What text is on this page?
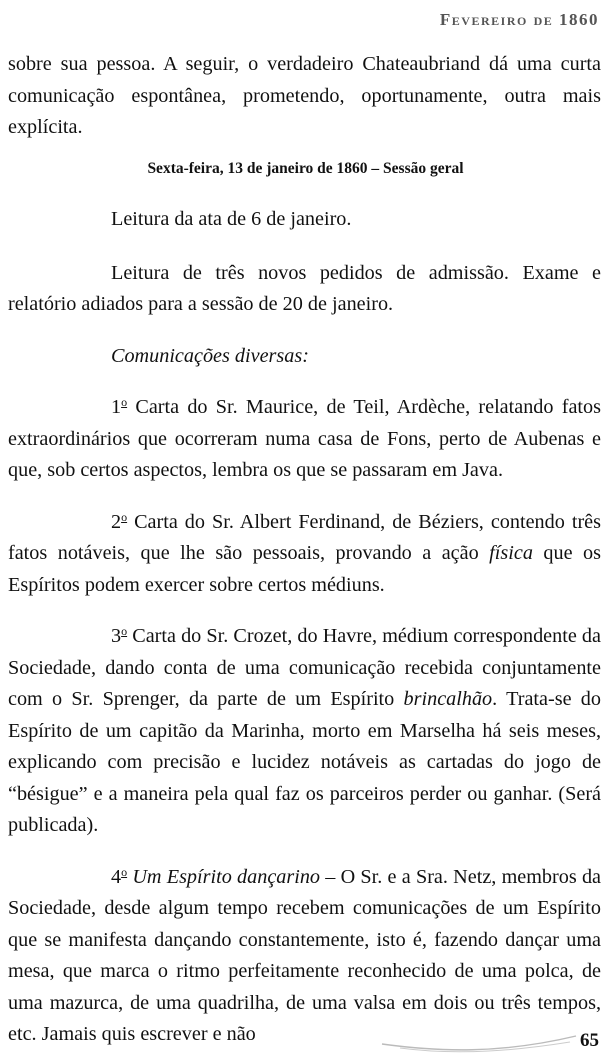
Fevereiro de 1860

sobre sua pessoa. A seguir, o verdadeiro Chateaubriand dá uma curta comunicação espontânea, prometendo, oportunamente, outra mais explícita.

Sexta-feira, 13 de janeiro de 1860 – Sessão geral

Leitura da ata de 6 de janeiro.

Leitura de três novos pedidos de admissão. Exame e relatório adiados para a sessão de 20 de janeiro.

Comunicações diversas:

1$^o$ Carta do Sr. Maurice, de Teil, Ardèche, relatando fatos extraordinários que ocorreram numa casa de Fons, perto de Aubenas e que, sob certos aspectos, lembra os que se passaram em Java.

2$^o$ Carta do Sr. Albert Ferdinand, de Béziers, contendo três fatos notáveis, que lhe são pessoais, provando a ação física que os Espíritos podem exercer sobre certos médiuns.

3$^o$ Carta do Sr. Crozet, do Havre, médium correspondente da Sociedade, dando conta de uma comunicação recebida conjuntamente com o Sr. Sprenger, da parte de um Espírito brincalhão. Trata-se do Espírito de um capitão da Marinha, morto em Marselha há seis meses, explicando com precisão e lucidez notáveis as cartadas do jogo de “bésigue” e a maneira pela qual faz os parceiros perder ou ganhar. (Será publicada).

4$^o$ Um Espírito dançarino – O Sr. e a Sra. Netz, membros da Sociedade, desde algum tempo recebem comunicações de um Espírito que se manifesta dançando constantemente, isto é, fazendo dançar uma mesa, que marca o ritmo perfeitamente reconhecido de uma polca, de uma mazurca, de uma quadrilha, de uma valsa em dois ou três tempos, etc. Jamais quis escrever e não	65
